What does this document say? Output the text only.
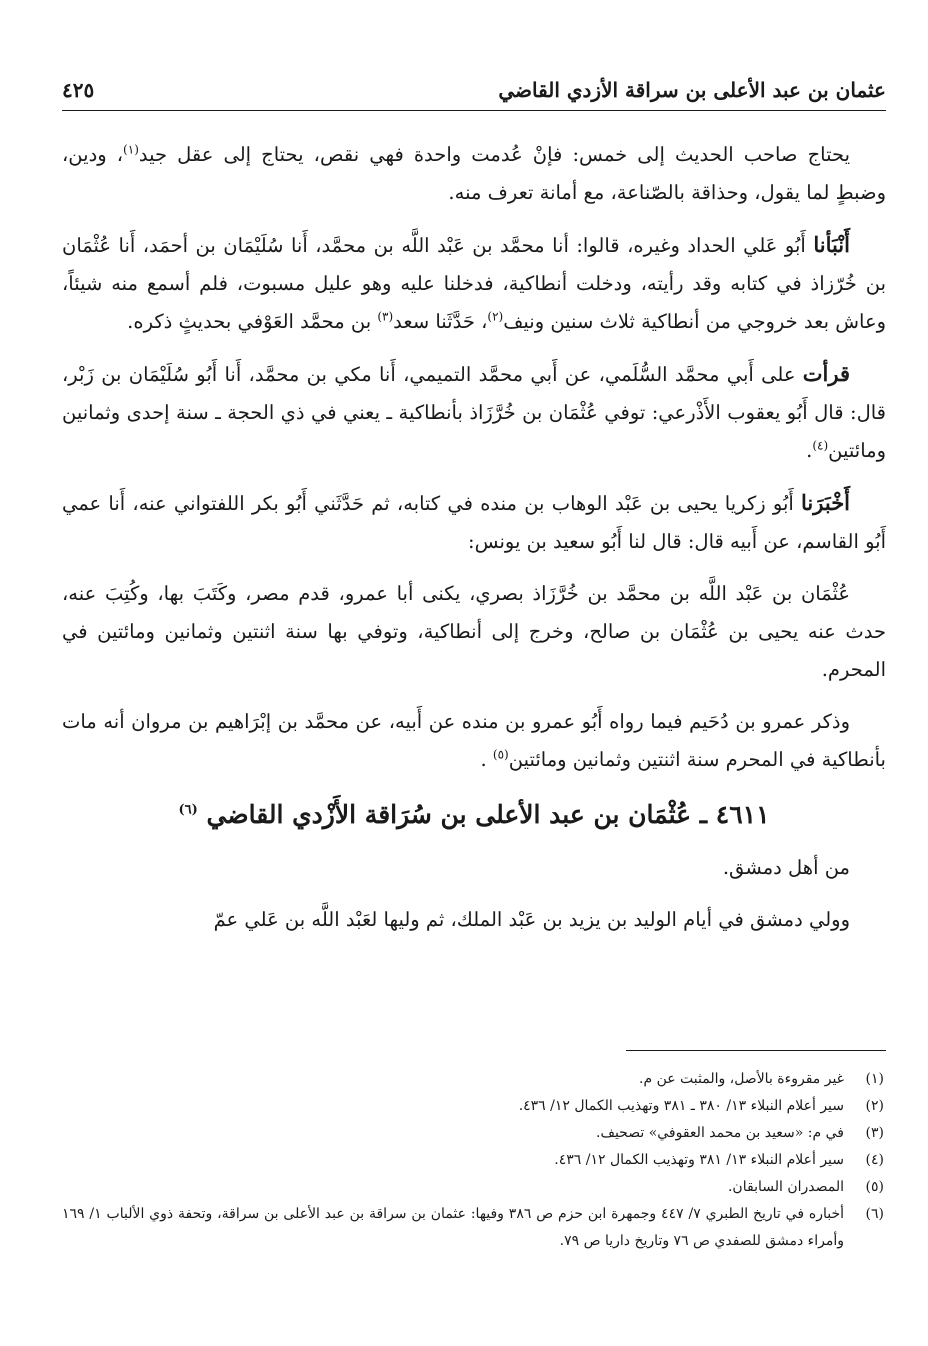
عثمان بن عبد الأعلى بن سراقة الأزدي القاضي
٤٢٥

يحتاج صاحب الحديث إلى خمس: فإنْ عُدمت واحدة فهي نقص، يحتاج إلى عقل جيد$^{(١)}$، ودين، وضبطٍ لما يقول، وحذاقة بالصّناعة، مع أمانة تعرف منه.

أَنْبَأنا أَبُو عَلي الحداد وغيره، قالوا: أنا محمَّد بن عَبْد اللَّه بن محمَّد، أَنا سُلَيْمَان بن أحمَد، أَنا عُثْمَان بن خُرّزاذ في كتابه وقد رأيته، ودخلت أنطاكية، فدخلنا عليه وهو عليل مسبوت، فلم أسمع منه شيئاً، وعاش بعد خروجي من أنطاكية ثلاث سنين ونيف$^{(٢)}$، حَدَّثَنا سعد$^{(٣)}$ بن محمَّد العَوْفي بحديثٍ ذكره.

قرأت على أَبي محمَّد السُّلَمي، عن أَبي محمَّد التميمي، أَنا مكي بن محمَّد، أَنا أَبُو سُلَيْمَان بن زَبْر، قال: قال أَبُو يعقوب الأَذْرعي: توفي عُثْمَان بن خُرَّزَاذ بأنطاكية ـ يعني في ذي الحجة ـ سنة إحدى وثمانين ومائتين$^{(٤)}$.

أَخْبَرَنا أَبُو زكريا يحيى بن عَبْد الوهاب بن منده في كتابه، ثم حَدَّثَني أَبُو بكر اللفتواني عنه، أَنا عمي أَبُو القاسم، عن أَبيه قال: قال لنا أَبُو سعيد بن يونس:

عُثْمَان بن عَبْد اللَّه بن محمَّد بن خُرَّزَاذ بصري، يكنى أبا عمرو، قدم مصر، وكَتَبَ بها، وكُتِبَ عنه، حدث عنه يحيى بن عُثْمَان بن صالح، وخرج إلى أنطاكية، وتوفي بها سنة اثنتين وثمانين ومائتين في المحرم.

وذكر عمرو بن دُحَيم فيما رواه أَبُو عمرو بن منده عن أَبيه، عن محمَّد بن إبْرَاهيم بن مروان أنه مات بأنطاكية في المحرم سنة اثنتين وثمانين ومائتين$^{(٥)}$ .

٤٦١١ ـ عُثْمَان بن عبد الأعلى بن سُرَاقة الأَزْدي القاضي $^{(٦)}$

من أهل دمشق.

وولي دمشق في أيام الوليد بن يزيد بن عَبْد الملك، ثم وليها لعَبْد اللَّه بن عَلي عمّ

(١)
غير مقروءة بالأصل، والمثبت عن م.
(٢)
سير أعلام النبلاء ١٣/ ٣٨٠ ـ ٣٨١ وتهذيب الكمال ١٢/ ٤٣٦.
(٣)
في م: «سعيد بن محمد العقوفي» تصحيف.
(٤)
سير أعلام النبلاء ١٣/ ٣٨١ وتهذيب الكمال ١٢/ ٤٣٦.
(٥)
المصدران السابقان.
(٦)
أخباره في تاريخ الطبري ٧/ ٤٤٧ وجمهرة ابن حزم ص ٣٨٦ وفيها: عثمان بن سراقة بن عبد الأعلى بن سراقة، وتحفة ذوي الألباب ١/ ١٦٩ وأمراء دمشق للصفدي ص ٧٦ وتاريخ داريا ص ٧٩.
